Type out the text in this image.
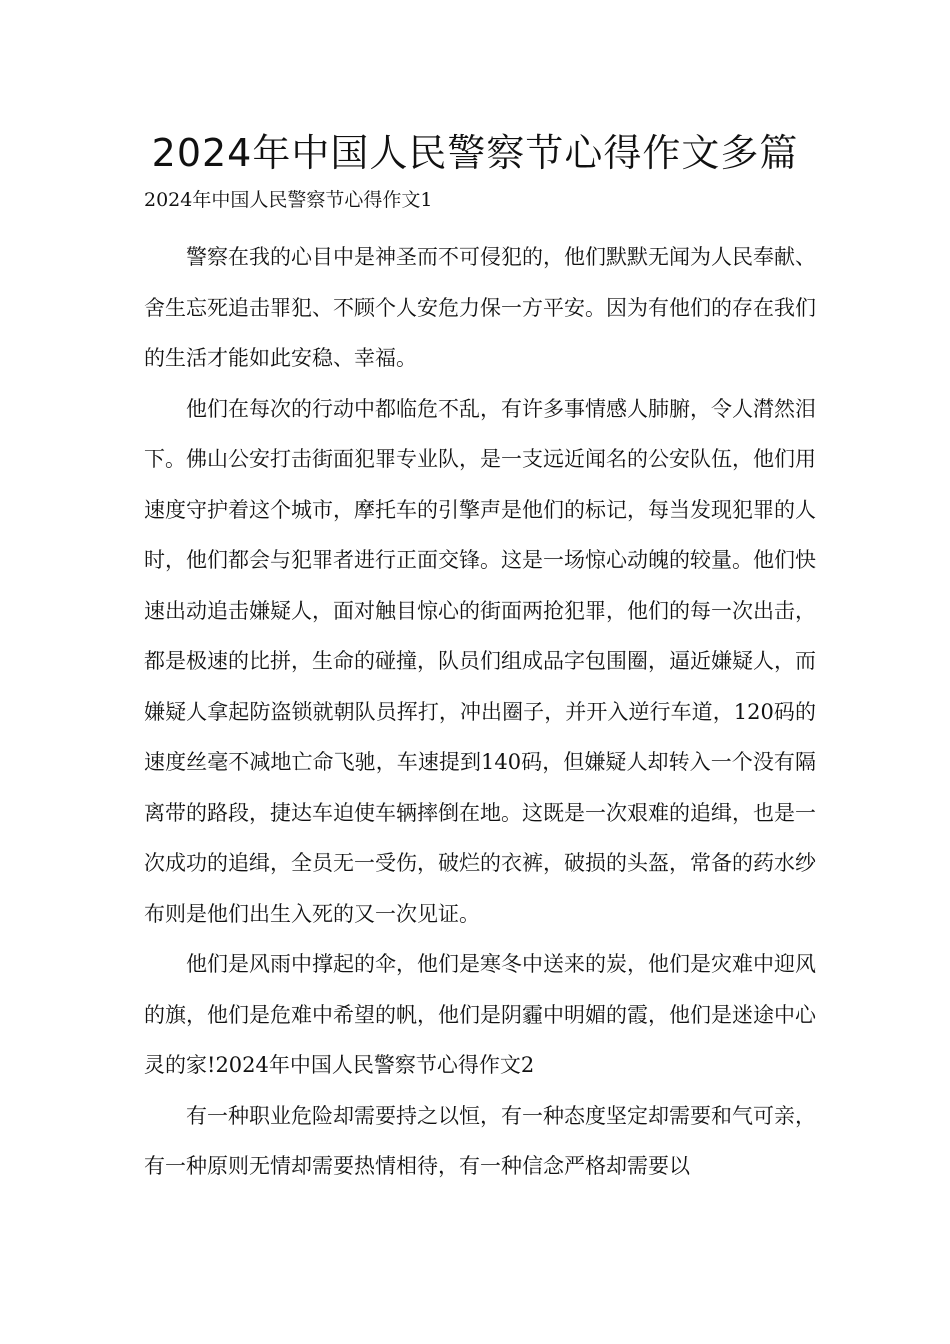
2024年中国人民警察节心得作文多篇
2024年中国人民警察节心得作文1

警察在我的心目中是神圣而不可侵犯的，他们默默无闻为人民奉献、舍生忘死追击罪犯、不顾个人安危力保一方平安。因为有他们的存在我们的生活才能如此安稳、幸福。

他们在每次的行动中都临危不乱，有许多事情感人肺腑，令人潸然泪下。佛山公安打击街面犯罪专业队，是一支远近闻名的公安队伍，他们用速度守护着这个城市，摩托车的引擎声是他们的标记，每当发现犯罪的人时，他们都会与犯罪者进行正面交锋。这是一场惊心动魄的较量。他们快速出动追击嫌疑人，面对触目惊心的街面两抢犯罪，他们的每一次出击，都是极速的比拼，生命的碰撞，队员们组成品字包围圈，逼近嫌疑人，而嫌疑人拿起防盗锁就朝队员挥打，冲出圈子，并开入逆行车道，120码的速度丝毫不减地亡命飞驰，车速提到140码，但嫌疑人却转入一个没有隔离带的路段，捷达车迫使车辆摔倒在地。这既是一次艰难的追缉，也是一次成功的追缉，全员无一受伤，破烂的衣裤，破损的头盔，常备的药水纱布则是他们出生入死的又一次见证。

他们是风雨中撑起的伞，他们是寒冬中送来的炭，他们是灾难中迎风的旗，他们是危难中希望的帆，他们是阴霾中明媚的霞，他们是迷途中心灵的家!2024年中国人民警察节心得作文2

有一种职业危险却需要持之以恒，有一种态度坚定却需要和气可亲，有一种原则无情却需要热情相待，有一种信念严格却需要以
